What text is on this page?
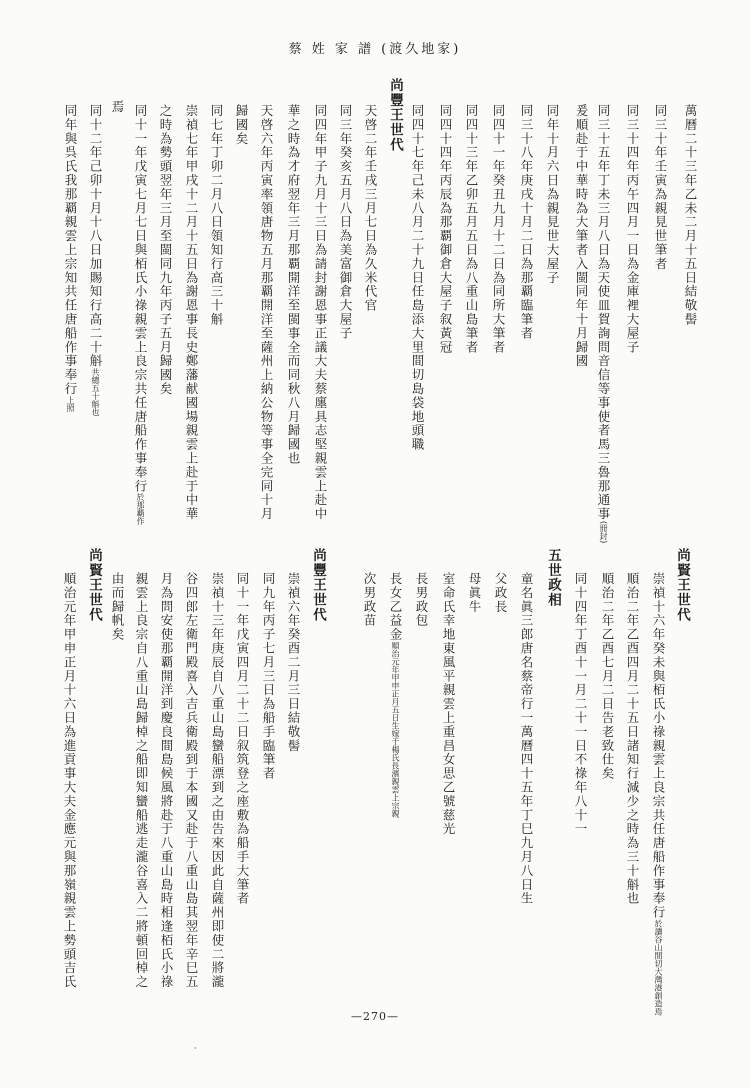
蔡 姓 家 譜 (渡久地家)
萬曆二十三年乙未二月十五日結敬髻
同三十年壬寅為親見世筆者
同三十四年丙午四月一日為金庫裡大屋子
同三十五年丁未三月八日為天使皿賀詢問音信等事使者馬三魯那通事(冊封)
爰順赴于中華時為大筆者入閩同年十月歸國
同年十月六日為親見世大屋子
同三十八年庚戌十月二日為那覇臨筆者
同四十一年癸丑九月十二日為同所大筆者
同四十三年乙卯五月五日為八重山島筆者
同四十四年丙辰為那覇御倉大屋子叙黃冠
同四十七年己未八月二十九日任島添大里間切島袋地頭職
尚豐王世代
天啓二年壬戌三月七日為久米代官
同三年癸亥五月八日為美富御倉大屋子
同四年甲子九月十三日為請封謝恩事正議大夫蔡廛具志堅親雲上赴中
華之時為才府翌年三月那覇開洋至閩事全而同秋八月歸國也
天啓六年丙寅率領唐物五月那覇開洋至薩州上納公物等事全完同十月
歸國矣
同七年丁卯二月八日領知行高三十斛
崇禎七年甲戌十二月十五日為謝恩事長史鄭藩献國場親雲上赴于中華
之時為勢頭翌年三月至閩同九年丙子五月歸國矣
同十一年戊寅七月七日與栢氏小祿親雲上良宗共任唐船作事奉行於那覇作
焉
同十二年己卯十月十八日加賜知行高二十斛共總五十斛也
同年與呉氏我那覇親雲上宗知共任唐船作事奉行上照
尚賢王世代
崇禎十六年癸未與栢氏小祿親雲上良宗共任唐船作事奉行於讀谷山間切大灣港創造焉
順治二年乙酉四月二十五日諸知行減少之時為三十斛也
順治二年乙酉七月二日告老致仕矣
同十四年丁酉十一月二十一日不祿年八十一
五世政相
童名眞三郎唐名蔡帝行一萬曆四十五年丁巳九月八日生
父政長
母眞牛
室命氏幸地東風平親雲上重昌女思乙號慈光
長男政包
長女乙益金順治元年甲申正月五日生嫁于楊氏長濱親雲上宗親
次男政苗
尚豐王世代
崇禎六年癸酉二月三日結敬髻
同九年丙子七月三日為船手臨筆者
同十一年戊寅四月二十二日叙筑登之座敷為船手大筆者
崇禎十三年庚辰自八重山島蠻船漂到之由告來因此自薩州即使二將瀧
谷四郎左衛門殿喜入吉兵衛殿到于本國又赴于八重山島其翌年辛巳五
月為問安使那覇開洋到慶良間島候風將赴于八重山島時相逢栢氏小祿
親雲上良宗自八重山島歸棹之船即知蠻船逃走瀧谷喜入二將頓回棹之
由而歸帆矣
尚賢王世代
順治元年甲申正月十六日為進貢事大夫金應元與那嶺親雲上勢頭吉氏
—270—
·
